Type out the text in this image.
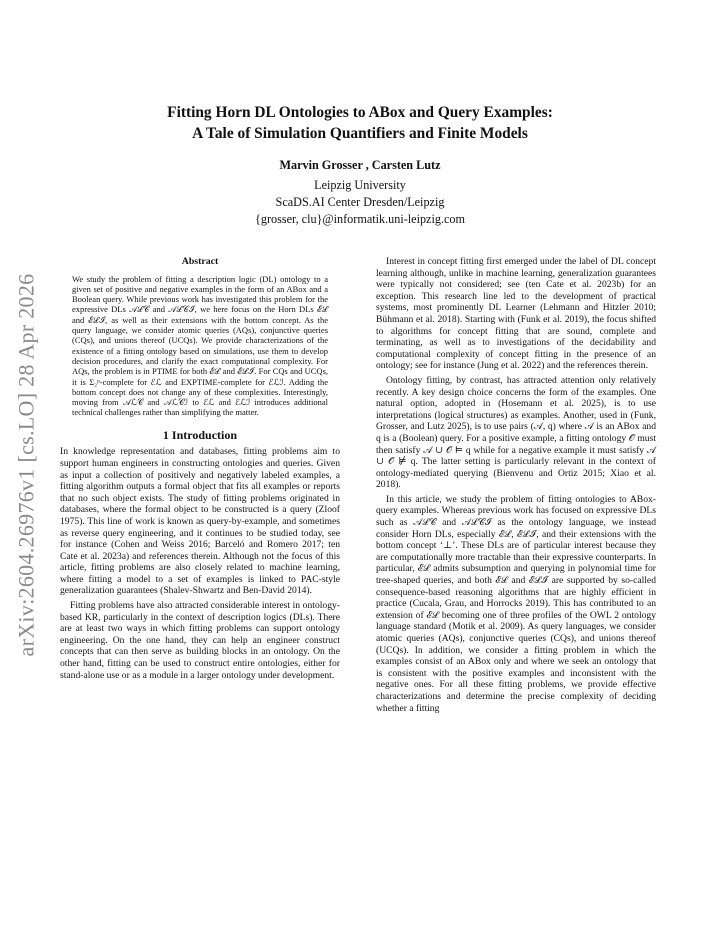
arXiv:2604.26976v1 [cs.LO] 28 Apr 2026
Fitting Horn DL Ontologies to ABox and Query Examples:
A Tale of Simulation Quantifiers and Finite Models
Marvin Grosser , Carsten Lutz
Leipzig University
ScaDS.AI Center Dresden/Leipzig
{grosser, clu}@informatik.uni-leipzig.com
Abstract
We study the problem of fitting a description logic (DL) ontology to a given set of positive and negative examples in the form of an ABox and a Boolean query. While previous work has investigated this problem for the expressive DLs 𝒜ℒ𝒞 and 𝒜ℒ𝒞ℐ, we here focus on the Horn DLs ℰℒ and ℰℒℐ, as well as their extensions with the bottom concept. As the query language, we consider atomic queries (AQs), conjunctive queries (CQs), and unions thereof (UCQs). We provide characterizations of the existence of a fitting ontology based on simulations, use them to develop decision procedures, and clarify the exact computational complexity. For AQs, the problem is in PTIME for both ℰℒ and ℰℒℐ. For CQs and UCQs, it is Σ₂ᵖ-complete for ℰℒ and EXPTIME-complete for ℰℒℐ. Adding the bottom concept does not change any of these complexities. Interestingly, moving from 𝒜ℒ𝒞 and 𝒜ℒ𝒞ℐ to ℰℒ and ℰℒℐ introduces additional technical challenges rather than simplifying the matter.
1 Introduction

In knowledge representation and databases, fitting problems aim to support human engineers in constructing ontologies and queries. Given as input a collection of positively and negatively labeled examples, a fitting algorithm outputs a formal object that fits all examples or reports that no such object exists. The study of fitting problems originated in databases, where the formal object to be constructed is a query (Zloof 1975). This line of work is known as query-by-example, and sometimes as reverse query engineering, and it continues to be studied today, see for instance (Cohen and Weiss 2016; Barceló and Romero 2017; ten Cate et al. 2023a) and references therein. Although not the focus of this article, fitting problems are also closely related to machine learning, where fitting a model to a set of examples is linked to PAC-style generalization guarantees (Shalev-Shwartz and Ben-David 2014).

Fitting problems have also attracted considerable interest in ontology-based KR, particularly in the context of description logics (DLs). There are at least two ways in which fitting problems can support ontology engineering. On the one hand, they can help an engineer construct concepts that can then serve as building blocks in an ontology. On the other hand, fitting can be used to construct entire ontologies, either for stand-alone use or as a module in a larger ontology under development.

Interest in concept fitting first emerged under the label of DL concept learning although, unlike in machine learning, generalization guarantees were typically not considered; see (ten Cate et al. 2023b) for an exception. This research line led to the development of practical systems, most prominently DL Learner (Lehmann and Hitzler 2010; Bühmann et al. 2018). Starting with (Funk et al. 2019), the focus shifted to algorithms for concept fitting that are sound, complete and terminating, as well as to investigations of the decidability and computational complexity of concept fitting in the presence of an ontology; see for instance (Jung et al. 2022) and the references therein.

Ontology fitting, by contrast, has attracted attention only relatively recently. A key design choice concerns the form of the examples. One natural option, adopted in (Hosemann et al. 2025), is to use interpretations (logical structures) as examples. Another, used in (Funk, Grosser, and Lutz 2025), is to use pairs (𝒜, q) where 𝒜 is an ABox and q is a (Boolean) query. For a positive example, a fitting ontology 𝒪 must then satisfy 𝒜 ∪ 𝒪 ⊨ q while for a negative example it must satisfy 𝒜 ∪ 𝒪 ⊭ q. The latter setting is particularly relevant in the context of ontology-mediated querying (Bienvenu and Ortiz 2015; Xiao et al. 2018).

In this article, we study the problem of fitting ontologies to ABox-query examples. Whereas previous work has focused on expressive DLs such as 𝒜ℒ𝒞 and 𝒜ℒ𝒞ℐ as the ontology language, we instead consider Horn DLs, especially ℰℒ, ℰℒℐ, and their extensions with the bottom concept ‘⊥’. These DLs are of particular interest because they are computationally more tractable than their expressive counterparts. In particular, ℰℒ admits subsumption and querying in polynomial time for tree-shaped queries, and both ℰℒ and ℰℒℐ are supported by so-called consequence-based reasoning algorithms that are highly efficient in practice (Cucala, Grau, and Horrocks 2019). This has contributed to an extension of ℰℒ becoming one of three profiles of the OWL 2 ontology language standard (Motik et al. 2009). As query languages, we consider atomic queries (AQs), conjunctive queries (CQs), and unions thereof (UCQs). In addition, we consider a fitting problem in which the examples consist of an ABox only and where we seek an ontology that is consistent with the positive examples and inconsistent with the negative ones. For all these fitting problems, we provide effective characterizations and determine the precise complexity of deciding whether a fitting
